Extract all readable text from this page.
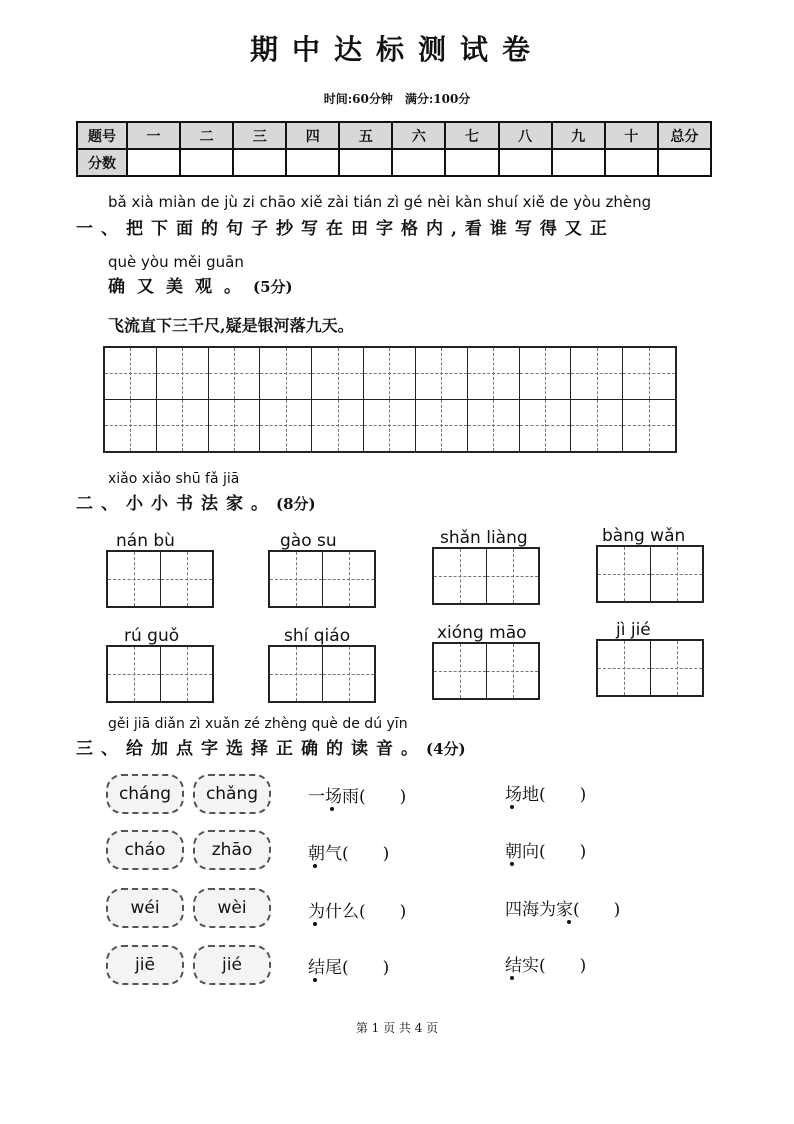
期中达标测试卷
时间:60分钟　满分:100分
题号	一	二	三	四	五	六	七	八	九	十	总分
分数											
bǎ xià miàn de jù zi chāo xiě zài tián zì gé nèi kàn shuí xiě de yòu zhèng
一、把下面的句子抄写在田字格内,看谁写得又正
què yòu měi guān
确又美观。(5分)
飞流直下三千尺,疑是银河落九天。
xiǎo xiǎo shū fǎ jiā
二、小小书法家。(8分)
nán bù	gào su	shǎn liàng	bàng wǎn
rú guǒ	shí qiáo	xióng māo	jì jié
gěi jiā diǎn zì xuǎn zé zhèng què de dú yīn
三、给加点字选择正确的读音。(4分)
cháng	chǎng	一场雨(　　)	场地(　　)
cháo	zhāo	朝气(　　)	朝向(　　)
wéi	wèi	为什么(　　)	四海为家(　　)
jiē	jié	结尾(　　)	结实(　　)
第 1 页 共 4 页
